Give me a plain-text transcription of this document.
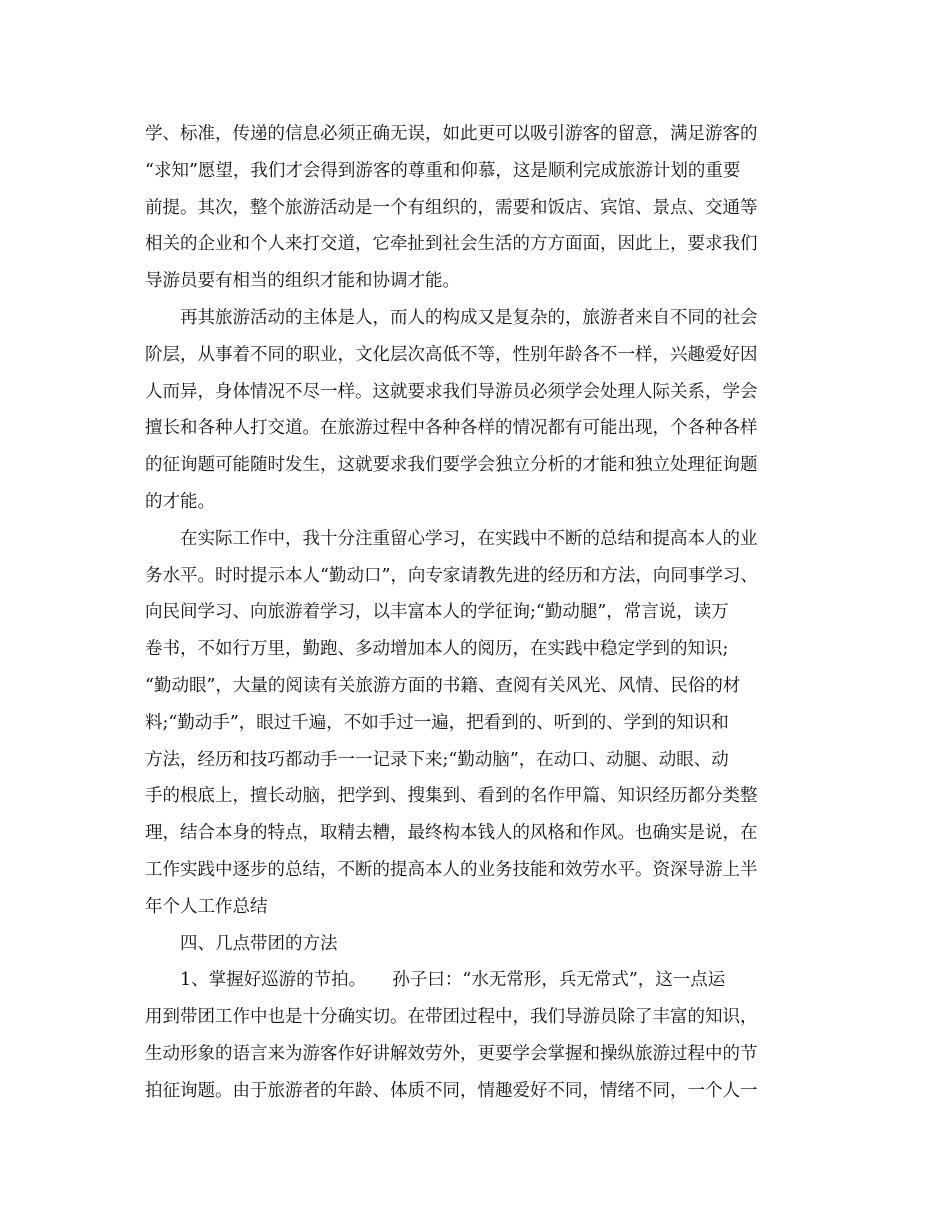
学、标准，传递的信息必须正确无误，如此更可以吸引游客的留意，满足游客的
“求知”愿望，我们才会得到游客的尊重和仰慕，这是顺利完成旅游计划的重要
前提。其次，整个旅游活动是一个有组织的，需要和饭店、宾馆、景点、交通等
相关的企业和个人来打交道，它牵扯到社会生活的方方面面，因此上，要求我们
导游员要有相当的组织才能和协调才能。
再其旅游活动的主体是人，而人的构成又是复杂的，旅游者来自不同的社会
阶层，从事着不同的职业，文化层次高低不等，性别年龄各不一样，兴趣爱好因
人而异，身体情况不尽一样。这就要求我们导游员必须学会处理人际关系，学会
擅长和各种人打交道。在旅游过程中各种各样的情况都有可能出现，个各种各样
的征询题可能随时发生，这就要求我们要学会独立分析的才能和独立处理征询题
的才能。
在实际工作中，我十分注重留心学习，在实践中不断的总结和提高本人的业
务水平。时时提示本人“勤动口”，向专家请教先进的经历和方法，向同事学习、
向民间学习、向旅游着学习，以丰富本人的学征询;“勤动腿”，常言说，读万
卷书，不如行万里，勤跑、多动增加本人的阅历，在实践中稳定学到的知识;
“勤动眼”，大量的阅读有关旅游方面的书籍、查阅有关风光、风情、民俗的材
料;“勤动手”，眼过千遍，不如手过一遍，把看到的、听到的、学到的知识和
方法，经历和技巧都动手一一记录下来;“勤动脑”，在动口、动腿、动眼、动
手的根底上，擅长动脑，把学到、搜集到、看到的名作甲篇、知识经历都分类整
理，结合本身的特点，取精去糟，最终构本钱人的风格和作风。也确实是说，在
工作实践中逐步的总结，不断的提高本人的业务技能和效劳水平。资深导游上半
年个人工作总结
四、几点带团的方法
1、掌握好巡游的节拍。　　孙子曰：“水无常形，兵无常式”，这一点运
用到带团工作中也是十分确实切。在带团过程中，我们导游员除了丰富的知识，
生动形象的语言来为游客作好讲解效劳外，更要学会掌握和操纵旅游过程中的节
拍征询题。由于旅游者的年龄、体质不同，情趣爱好不同，情绪不同，一个人一
